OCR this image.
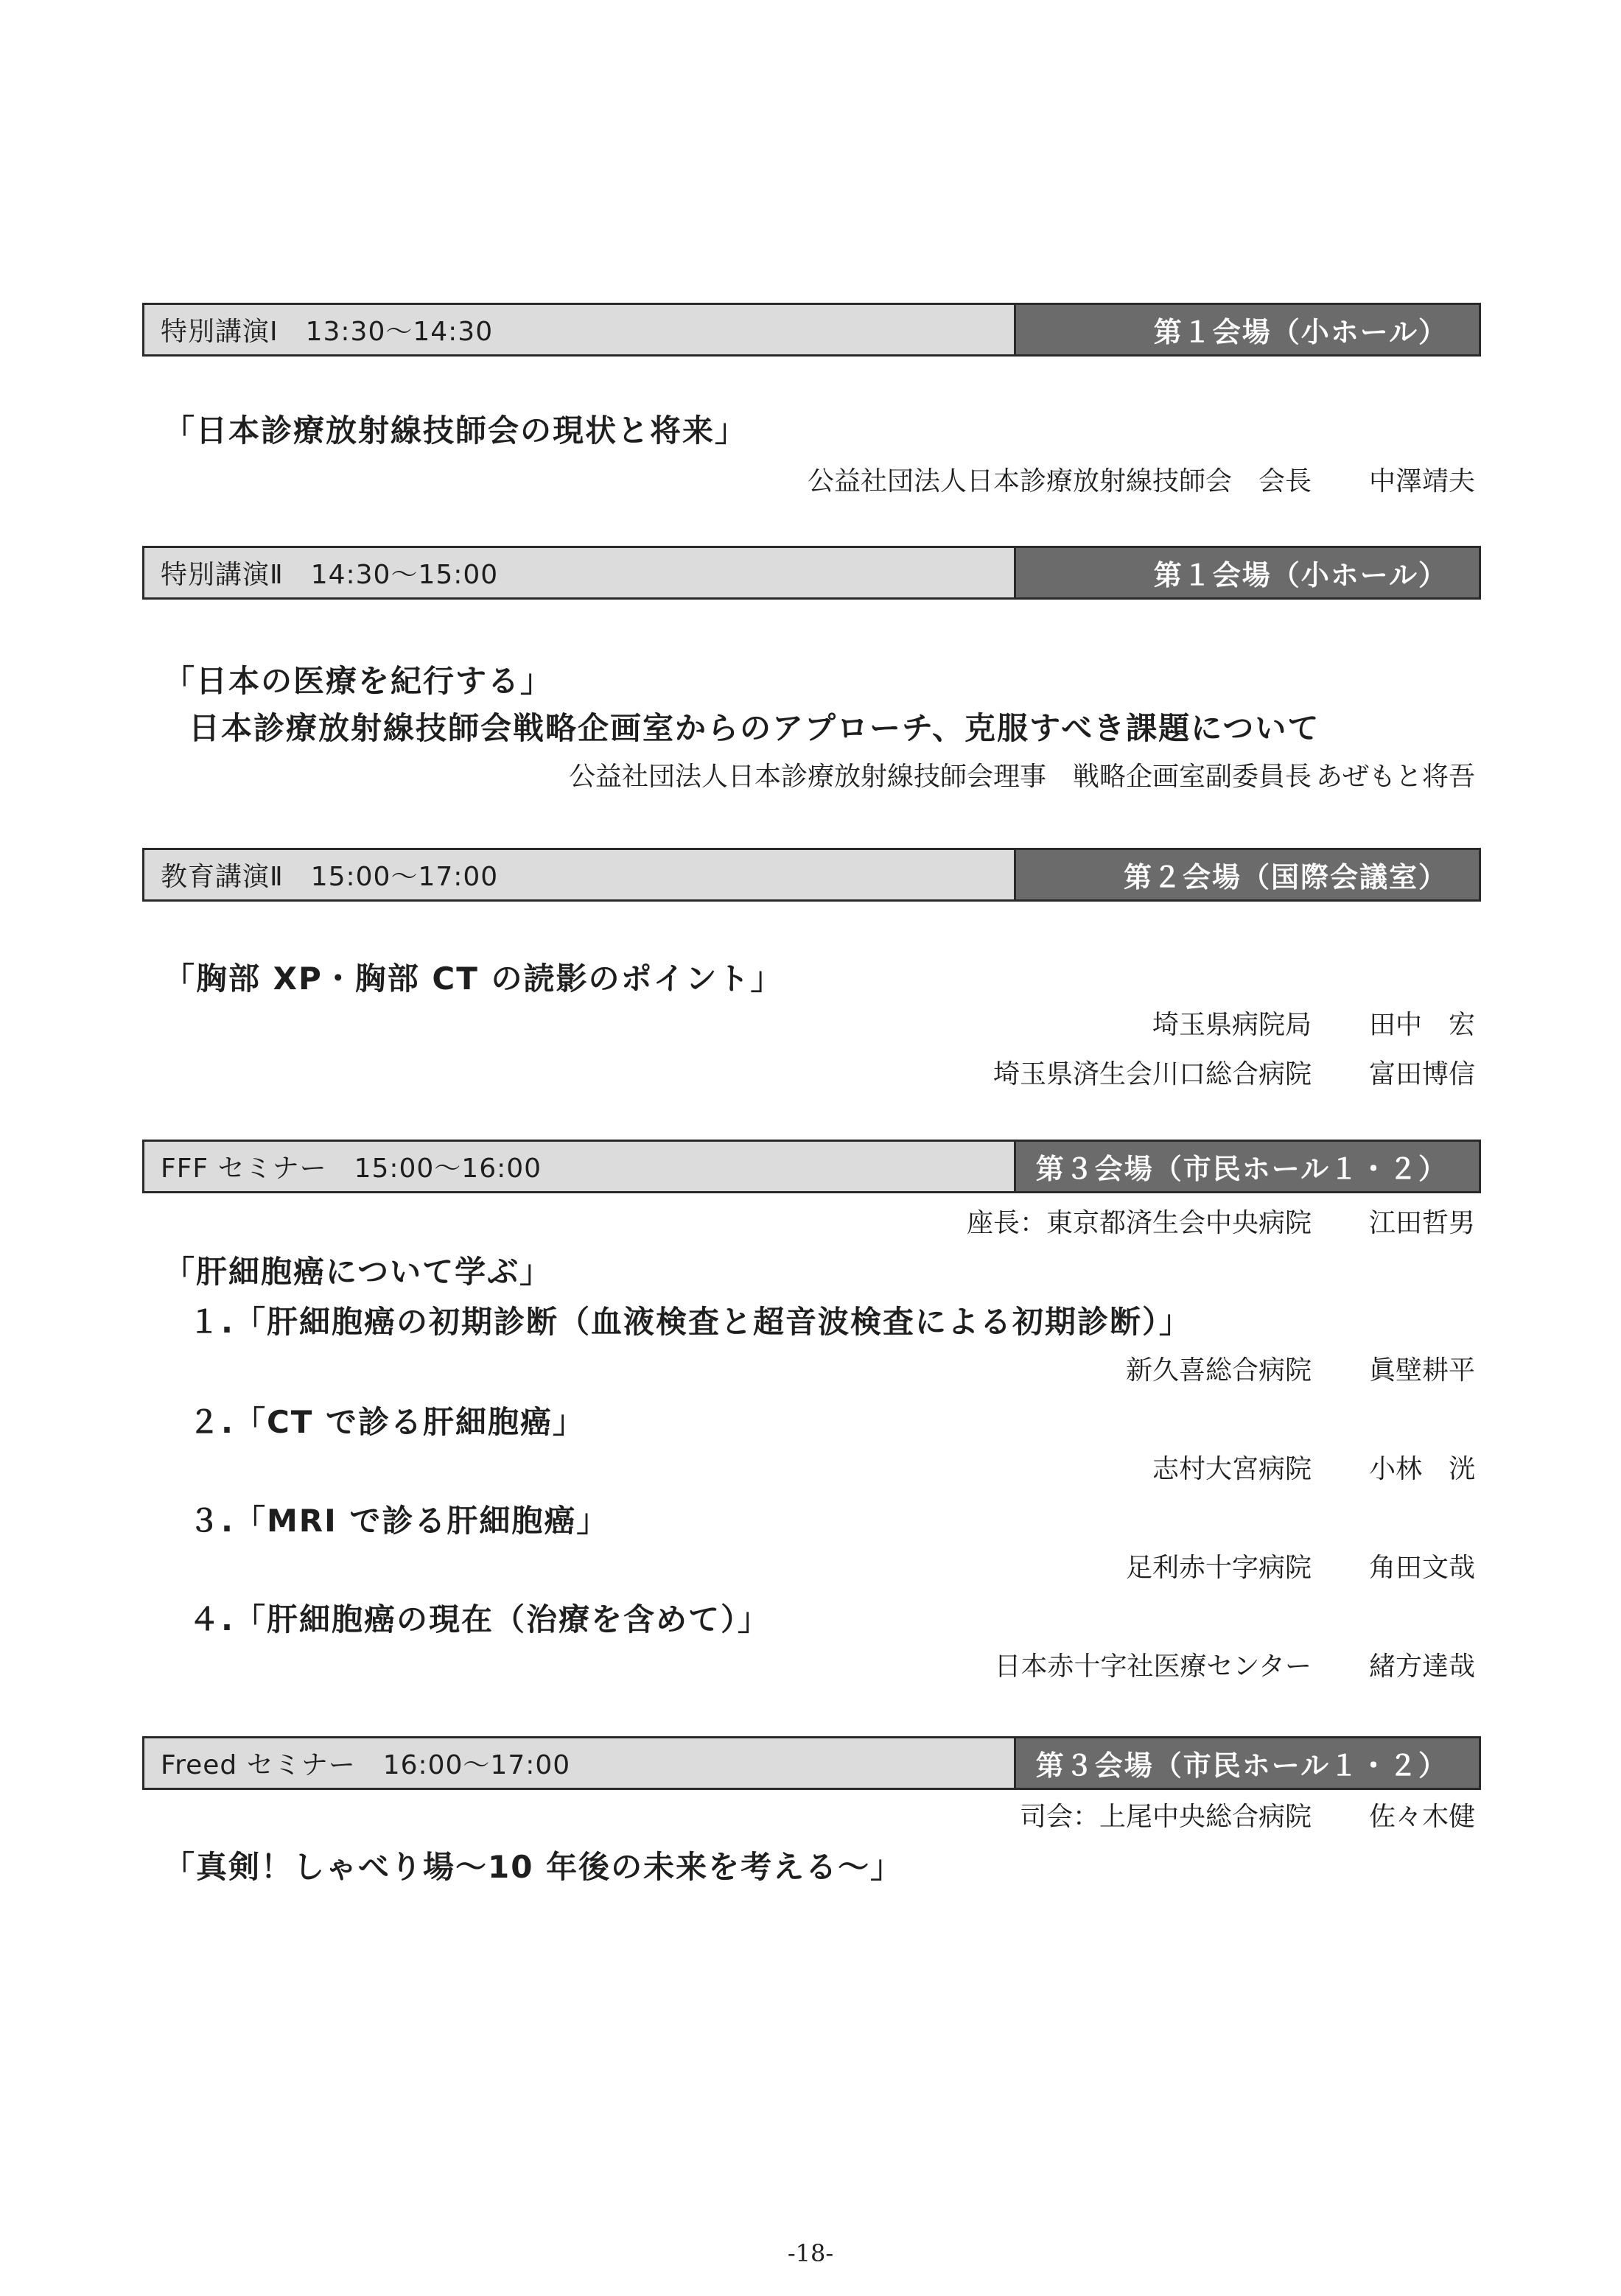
特別講演Ⅰ　13:30〜14:30	第１会場（小ホール）
「日本診療放射線技師会の現状と将来」
公益社団法人日本診療放射線技師会　会長 中澤靖夫
特別講演Ⅱ　14:30〜15:00	第１会場（小ホール）
「日本の医療を紀行する」
日本診療放射線技師会戦略企画室からのアプローチ、克服すべき課題について
公益社団法人日本診療放射線技師会理事　戦略企画室副委員長 あぜもと将吾
教育講演Ⅱ　15:00〜17:00	第２会場（国際会議室）
「胸部 XP・胸部 CT の読影のポイント」
埼玉県病院局 田中　宏
埼玉県済生会川口総合病院 富田博信
FFF セミナー　15:00〜16:00	第３会場（市民ホール１・２）
座長：東京都済生会中央病院 江田哲男
「肝細胞癌について学ぶ」
１.「肝細胞癌の初期診断（血液検査と超音波検査による初期診断）」
新久喜総合病院 眞壁耕平
２.「CT で診る肝細胞癌」
志村大宮病院 小林　洸
３.「MRI で診る肝細胞癌」
足利赤十字病院 角田文哉
４.「肝細胞癌の現在（治療を含めて）」
日本赤十字社医療センター 緒方達哉
Freed セミナー　16:00〜17:00	第３会場（市民ホール１・２）
司会：上尾中央総合病院 佐々木健
「真剣！しゃべり場〜10 年後の未来を考える〜」
-18-
